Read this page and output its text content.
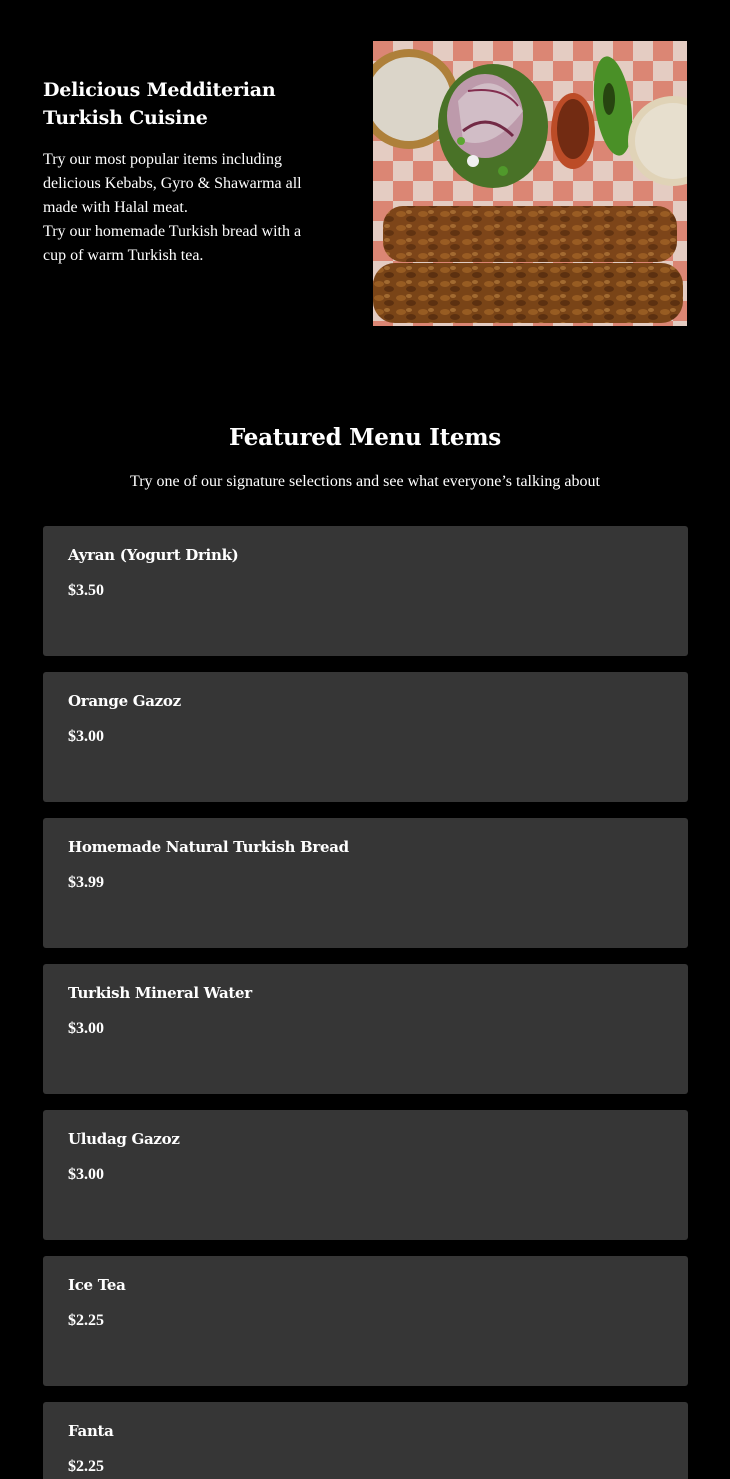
Delicious Medditerian
Turkish Cuisine

Try our most popular items including delicious Kebabs, Gyro & Shawarma all made with Halal meat.

Try our homemade Turkish bread with a cup of warm Turkish tea.

Featured Menu Items

Try one of our signature selections and see what everyone’s talking about

Ayran (Yogurt Drink)

$3.50

Orange Gazoz

$3.00

Homemade Natural Turkish Bread

$3.99

Turkish Mineral Water

$3.00

Uludag Gazoz

$3.00

Ice Tea

$2.25

Fanta

$2.25
